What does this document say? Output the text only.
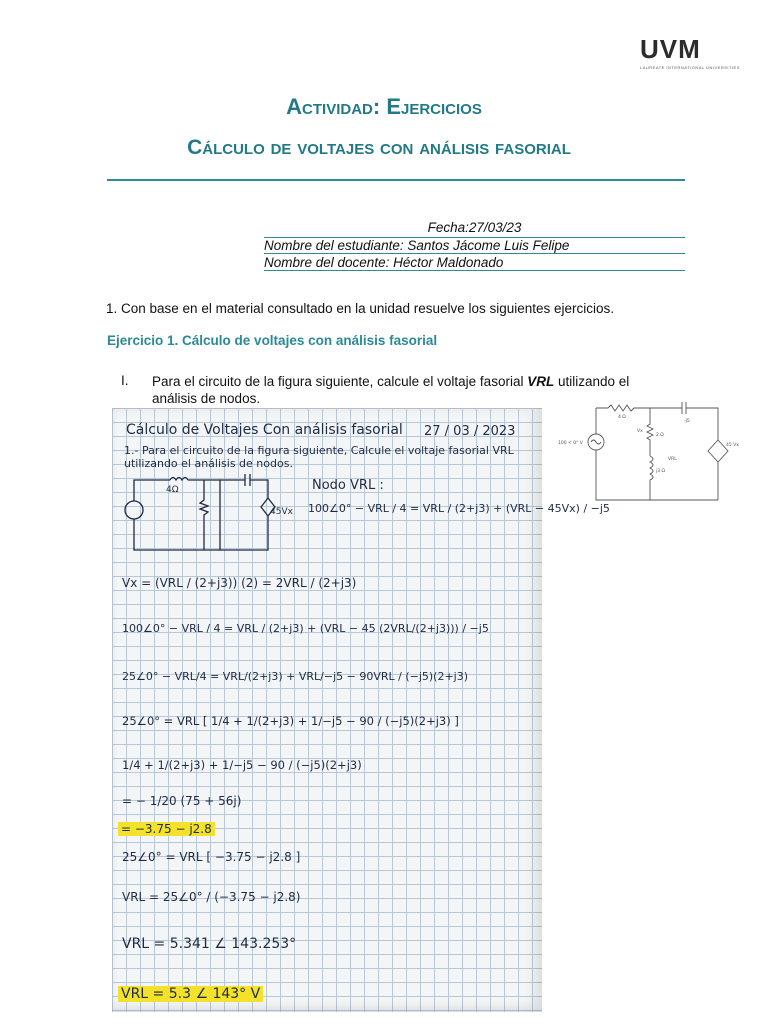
UVM
LAUREATE INTERNATIONAL UNIVERSITIES
Actividad: Ejercicios
Cálculo de voltajes con análisis fasorial
Fecha:27/03/23
Nombre del estudiante: Santos Jácome Luis Felipe
Nombre del docente: Héctor Maldonado
1. Con base en el material consultado en la unidad resuelve los siguientes ejercicios.
Ejercicio 1. Cálculo de voltajes con análisis fasorial
I. Para el circuito de la figura siguiente, calcule el voltaje fasorial VRL utilizando el análisis de nodos.
Cálculo de Voltajes Con análisis fasorial 27 / 03 / 2023
1.- Para el circuito de la figura siguiente, Calcule el voltaje fasorial VRL utilizando el análisis de nodos.
4Ω
45Vx
Nodo VRL :
100∠0° − VRL / 4 = VRL / (2+j3) + (VRL − 45Vx) / −j5
Vx = (VRL / (2+j3)) (2) = 2VRL / (2+j3)
100∠0° − VRL / 4 = VRL / (2+j3) + (VRL − 45 (2VRL/(2+j3))) / −j5
25∠0° − VRL/4 = VRL/(2+j3) + VRL/−j5 − 90VRL / (−j5)(2+j3)
25∠0° = VRL [ 1/4 + 1/(2+j3) + 1/−j5 − 90 / (−j5)(2+j3) ]
1/4 + 1/(2+j3) + 1/−j5 − 90 / (−j5)(2+j3)
= − 1/20 (75 + 56j)
= −3.75 − j2.8
25∠0° = VRL [ −3.75 − j2.8 ]
VRL = 25∠0° / (−3.75 − j2.8)
VRL = 5.341 ∠ 143.253°
VRL = 5.3 ∠ 143° V
100 < 0° V
4 Ω
-j5
2 Ω
j3 Ω
45 Vx
Vx
VRL
